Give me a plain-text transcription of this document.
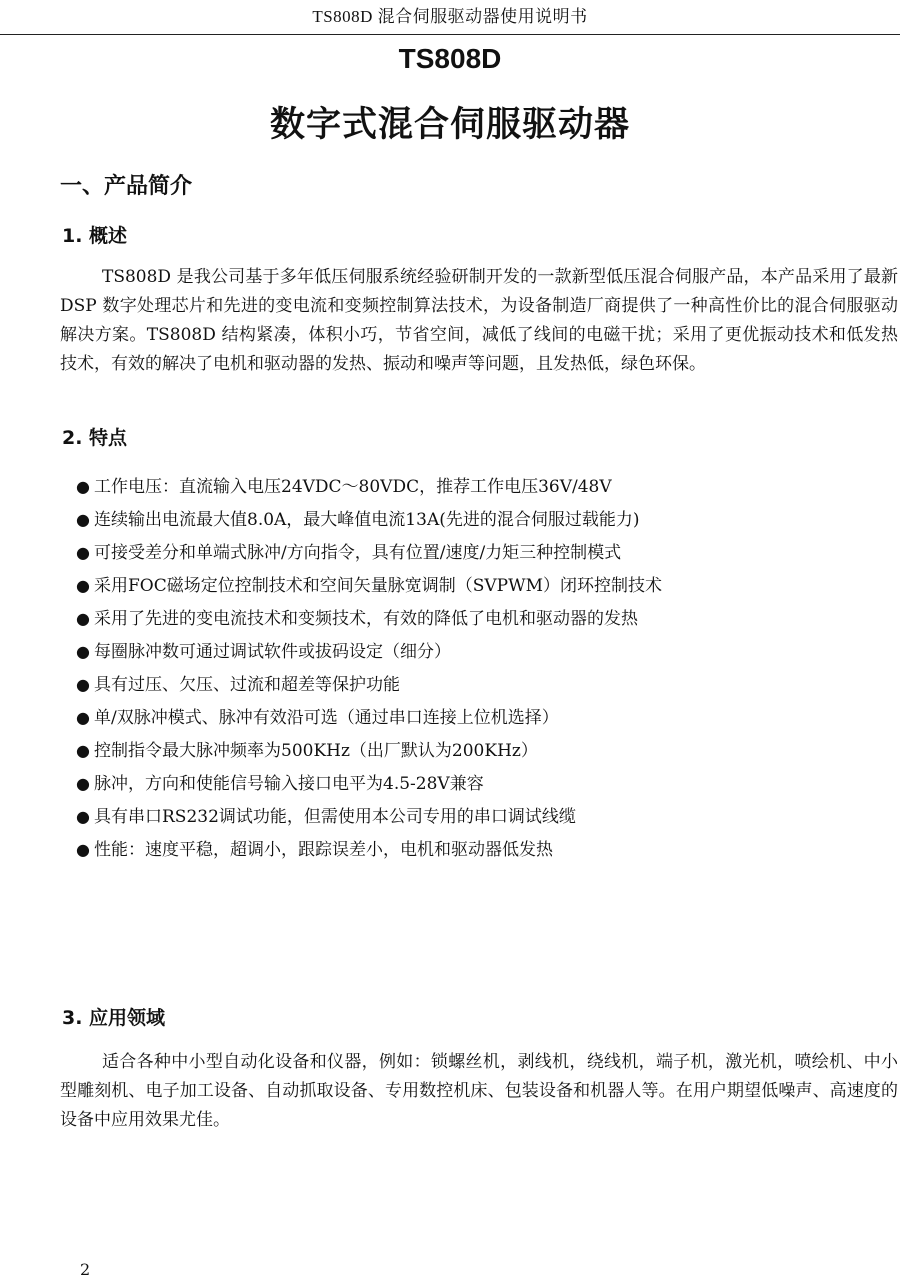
TS808D 混合伺服驱动器使用说明书
TS808D
数字式混合伺服驱动器
一、产品简介
1. 概述

TS808D 是我公司基于多年低压伺服系统经验研制开发的一款新型低压混合伺服产品，本产品采用了最新 DSP 数字处理芯片和先进的变电流和变频控制算法技术，为设备制造厂商提供了一种高性价比的混合伺服驱动解决方案。TS808D 结构紧凑，体积小巧，节省空间，减低了线间的电磁干扰；采用了更优振动技术和低发热技术，有效的解决了电机和驱动器的发热、振动和噪声等问题，且发热低，绿色环保。

2. 特点
● 工作电压：直流输入电压24VDC～80VDC，推荐工作电压36V/48V
● 连续输出电流最大值8.0A，最大峰值电流13A(先进的混合伺服过载能力)
● 可接受差分和单端式脉冲/方向指令，具有位置/速度/力矩三种控制模式
● 采用FOC磁场定位控制技术和空间矢量脉宽调制（SVPWM）闭环控制技术
● 采用了先进的变电流技术和变频技术，有效的降低了电机和驱动器的发热
● 每圈脉冲数可通过调试软件或拔码设定（细分）
● 具有过压、欠压、过流和超差等保护功能
● 单/双脉冲模式、脉冲有效沿可选（通过串口连接上位机选择）
● 控制指令最大脉冲频率为500KHz（出厂默认为200KHz）
● 脉冲，方向和使能信号输入接口电平为4.5-28V兼容
● 具有串口RS232调试功能，但需使用本公司专用的串口调试线缆
● 性能：速度平稳，超调小，跟踪误差小，电机和驱动器低发热
3. 应用领域

适合各种中小型自动化设备和仪器，例如：锁螺丝机，剥线机，绕线机，端子机，激光机，喷绘机、中小型雕刻机、电子加工设备、自动抓取设备、专用数控机床、包装设备和机器人等。在用户期望低噪声、高速度的设备中应用效果尤佳。

2
